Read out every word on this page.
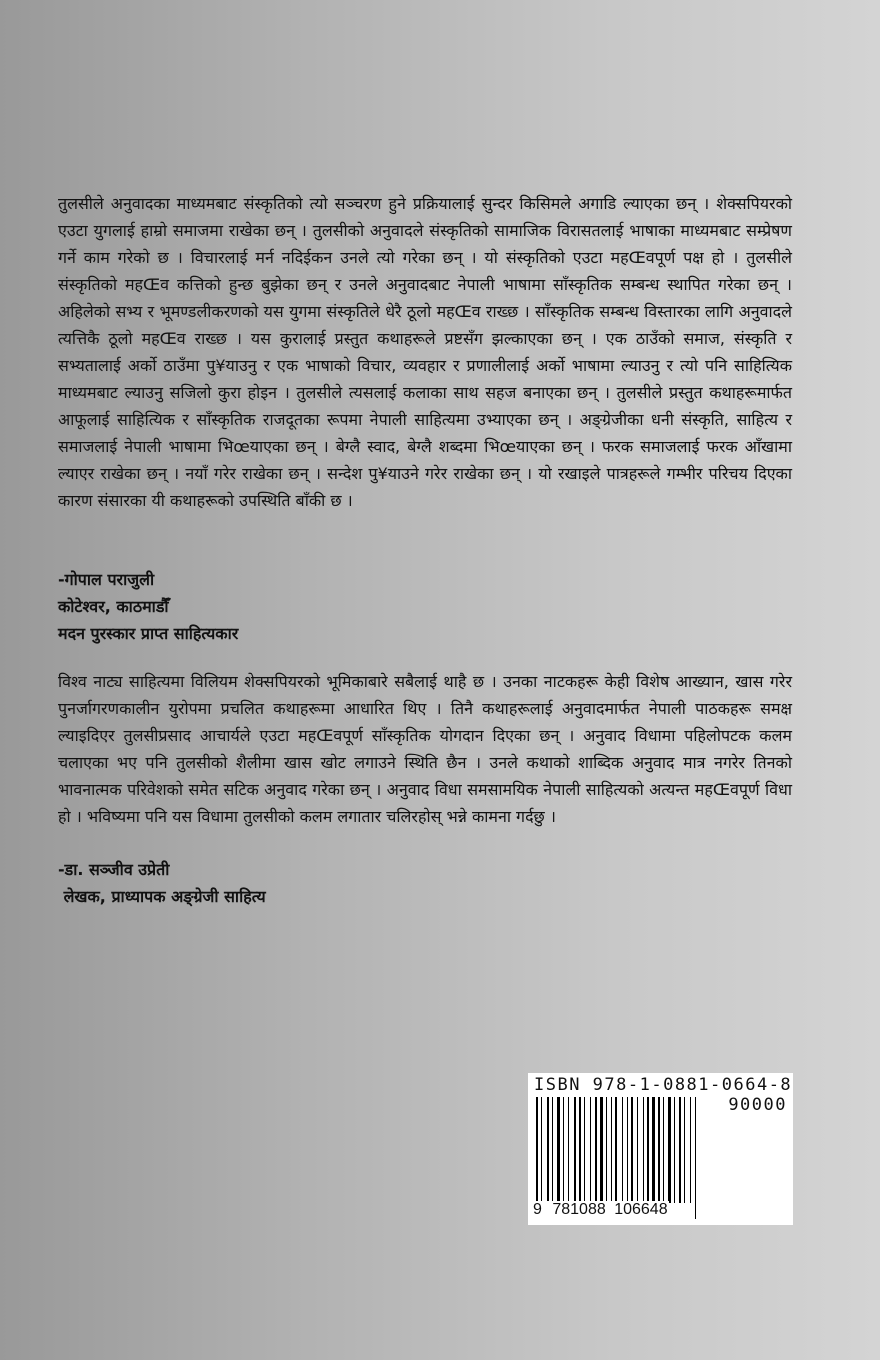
तुलसीले अनुवादका माध्यमबाट संस्कृतिको त्यो सञ्चरण हुने प्रक्रियालाई सुन्दर किसिमले अगाडि ल्याएका छन् । शेक्सपियरको एउटा युगलाई हाम्रो समाजमा राखेका छन् । तुलसीको अनुवादले संस्कृतिको सामाजिक विरासतलाई भाषाका माध्यमबाट सम्प्रेषण गर्ने काम गरेको छ । विचारलाई मर्न नदिईकन उनले त्यो गरेका छन् । यो संस्कृतिको एउटा महŒवपूर्ण पक्ष हो । तुलसीले संस्कृतिको महŒव कत्तिको हुन्छ बुझेका छन् र उनले अनुवादबाट नेपाली भाषामा साँस्कृतिक सम्बन्ध स्थापित गरेका छन् । अहिलेको सभ्य र भूमण्डलीकरणको यस युगमा संस्कृतिले धेरै ठूलो महŒव राख्छ । साँस्कृतिक सम्बन्ध विस्तारका लागि अनुवादले त्यत्तिकै ठूलो महŒव राख्छ । यस कुरालाई प्रस्तुत कथाहरूले प्रष्टसँग झल्काएका छन् । एक ठाउँको समाज, संस्कृति र सभ्यतालाई अर्को ठाउँमा पु¥याउनु र एक भाषाको विचार, व्यवहार र प्रणालीलाई अर्को भाषामा ल्याउनु र त्यो पनि साहित्यिक माध्यमबाट ल्याउनु सजिलो कुरा होइन । तुलसीले त्यसलाई कलाका साथ सहज बनाएका छन् । तुलसीले प्रस्तुत कथाहरूमार्फत आफूलाई साहित्यिक र साँस्कृतिक राजदूतका रूपमा नेपाली साहित्यमा उभ्याएका छन् । अङ्ग्रेजीका धनी संस्कृति, साहित्य र समाजलाई नेपाली भाषामा भिœयाएका छन् । बेग्लै स्वाद, बेग्लै शब्दमा भिœयाएका छन् । फरक समाजलाई फरक आँखामा ल्याएर राखेका छन् । नयाँ गरेर राखेका छन् । सन्देश पु¥याउने गरेर राखेका छन् । यो रखाइले पात्रहरूले गम्भीर परिचय दिएका कारण संसारका यी कथाहरूको उपस्थिति बाँकी छ ।

-गोपाल पराजुली

कोटेश्वर, काठमाडौँ

मदन पुरस्कार प्राप्त साहित्यकार

विश्व नाट्य साहित्यमा विलियम शेक्सपियरको भूमिकाबारे सबैलाई थाहै छ । उनका नाटकहरू केही विशेष आख्यान, खास गरेर पुनर्जागरणकालीन युरोपमा प्रचलित कथाहरूमा आधारित थिए । तिनै कथाहरूलाई अनुवादमार्फत नेपाली पाठकहरू समक्ष ल्याइदिएर तुलसीप्रसाद आचार्यले एउटा महŒवपूर्ण साँस्कृतिक योगदान दिएका छन् । अनुवाद विधामा पहिलोपटक कलम चलाएका भए पनि तुलसीको शैलीमा खास खोट लगाउने स्थिति छैन । उनले कथाको शाब्दिक अनुवाद मात्र नगरेर तिनको भावनात्मक परिवेशको समेत सटिक अनुवाद गरेका छन् । अनुवाद विधा समसामयिक नेपाली साहित्यको अत्यन्त महŒवपूर्ण विधा हो । भविष्यमा पनि यस विधामा तुलसीको कलम लगातार चलिरहोस् भन्ने कामना गर्दछु ।

-डा. सञ्जीव उप्रेती

लेखक, प्राध्यापक अङ्ग्रेजी साहित्य

ISBN 978-1-0881-0664-8
90000
9 781088 106648
